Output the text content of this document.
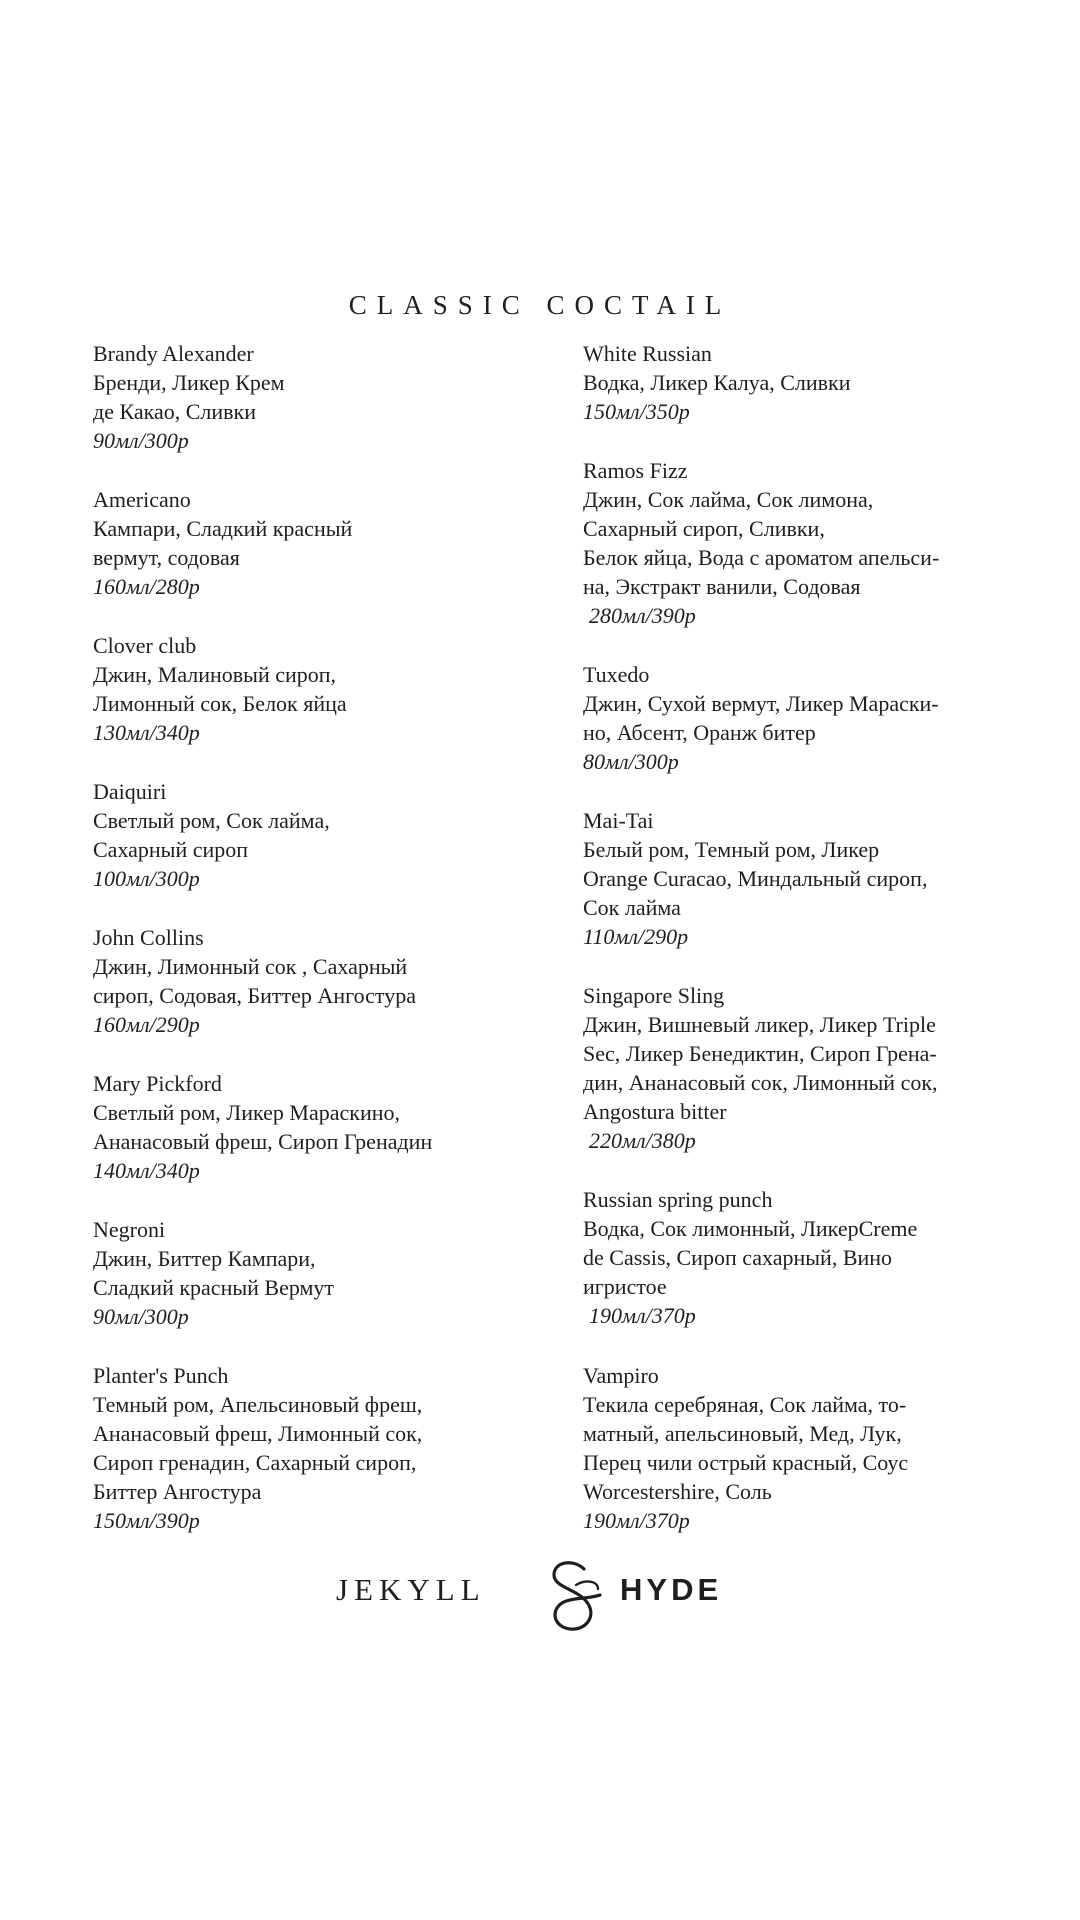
CLASSIC COCTAIL
Brandy Alexander
Бренди, Ликер Крем
де Какао, Сливки
90мл/300р
Americano
Кампари, Сладкий красный
вермут, содовая
160мл/280р
Clover club
Джин, Малиновый сироп,
Лимонный сок, Белок яйца
130мл/340р
Daiquiri
Светлый ром, Сок лайма,
Сахарный сироп
100мл/300р
John Collins
Джин, Лимонный сок , Сахарный
сироп, Содовая, Биттер Ангостура
160мл/290р
Mary Pickford
Светлый ром, Ликер Мараскино,
Ананасовый фреш, Сироп Гренадин
140мл/340р
Negroni
Джин, Биттер Кампари,
Сладкий красный Вермут
90мл/300р
Planter's Punch
Темный ром, Апельсиновый фреш,
Ананасовый фреш, Лимонный сок,
Сироп гренадин, Сахарный сироп,
Биттер Ангостура
150мл/390р
White Russian
Водка, Ликер Калуа, Сливки
150мл/350р
Ramos Fizz
Джин, Сок лайма, Сок лимона,
Сахарный сироп, Сливки,
Белок яйца, Вода с ароматом апельси-
на, Экстракт ванили, Содовая
280мл/390р
Tuxedo
Джин, Сухой вермут, Ликер Мараски-
но, Абсент, Оранж битер
80мл/300р
Mai-Tai
Белый ром, Темный ром, Ликер
Orange Curacao, Миндальный сироп,
Сок лайма
110мл/290р
Singapore Sling
Джин, Вишневый ликер, Ликер Triple
Sec, Ликер Бенедиктин, Сироп Грена-
дин, Ананасовый сок, Лимонный сок,
Angostura bitter
220мл/380р
Russian spring punch
Водка, Сок лимонный, ЛикерCreme
de Cassis, Сироп сахарный, Вино
игристое
190мл/370р
Vampiro
Текила серебряная, Сок лайма, то-
матный, апельсиновый, Мед, Лук,
Перец чили острый красный, Соус
Worcestershire, Соль
190мл/370р
JEKYLL	HYDE
